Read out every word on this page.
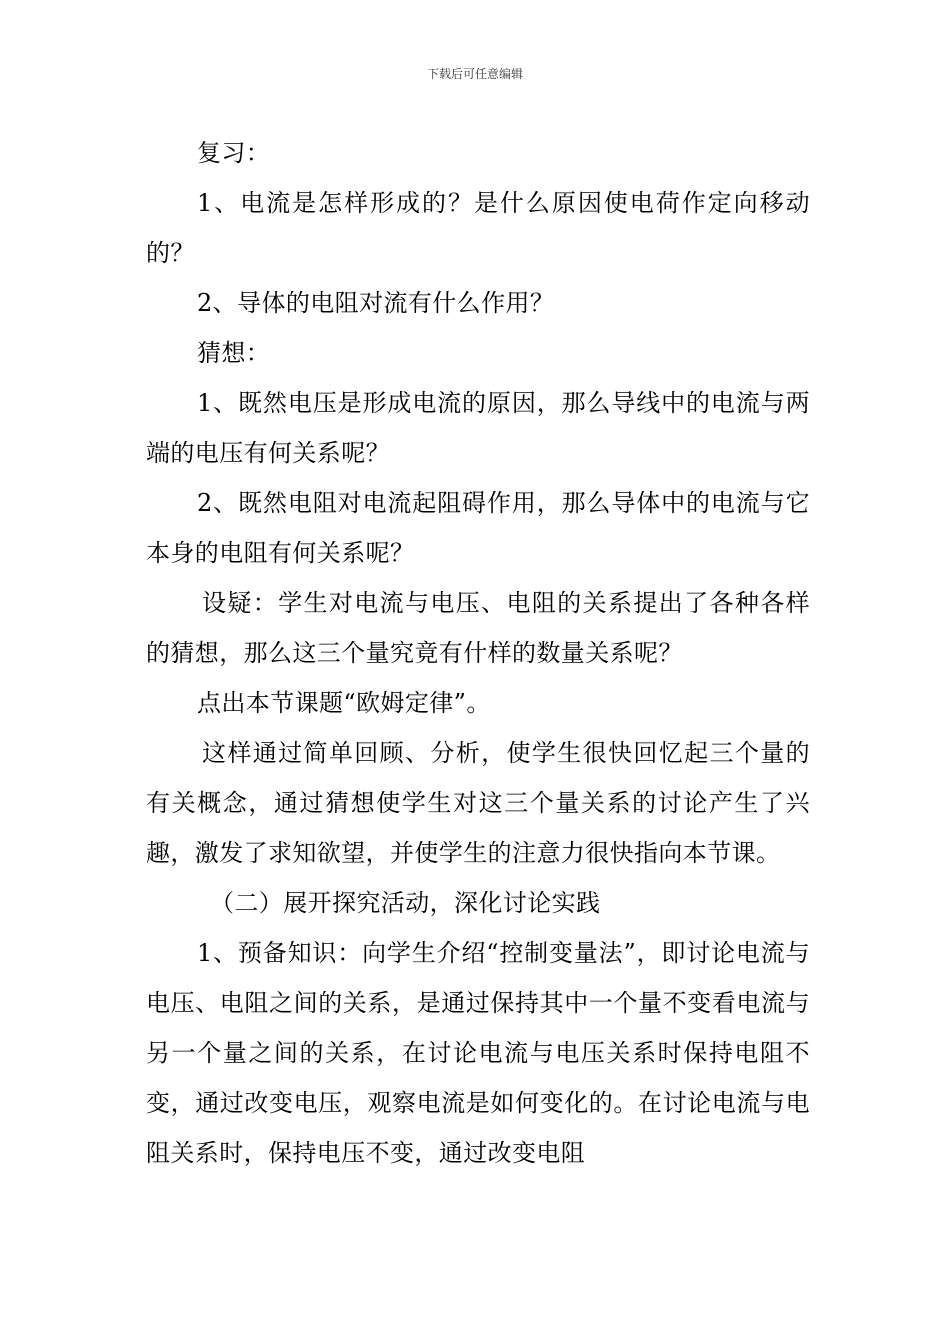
下载后可任意编辑

复习：

1、电流是怎样形成的？是什么原因使电荷作定向移动的？

2、导体的电阻对流有什么作用？

猜想：

1、既然电压是形成电流的原因，那么导线中的电流与两端的电压有何关系呢？

2、既然电阻对电流起阻碍作用，那么导体中的电流与它本身的电阻有何关系呢？

设疑：学生对电流与电压、电阻的关系提出了各种各样的猜想，那么这三个量究竟有什样的数量关系呢？

点出本节课题“欧姆定律”。

这样通过简单回顾、分析，使学生很快回忆起三个量的有关概念，通过猜想使学生对这三个量关系的讨论产生了兴趣，激发了求知欲望，并使学生的注意力很快指向本节课。

（二）展开探究活动，深化讨论实践

1、预备知识：向学生介绍“控制变量法”，即讨论电流与电压、电阻之间的关系，是通过保持其中一个量不变看电流与另一个量之间的关系，在讨论电流与电压关系时保持电阻不变，通过改变电压，观察电流是如何变化的。在讨论电流与电阻关系时，保持电压不变，通过改变电阻
